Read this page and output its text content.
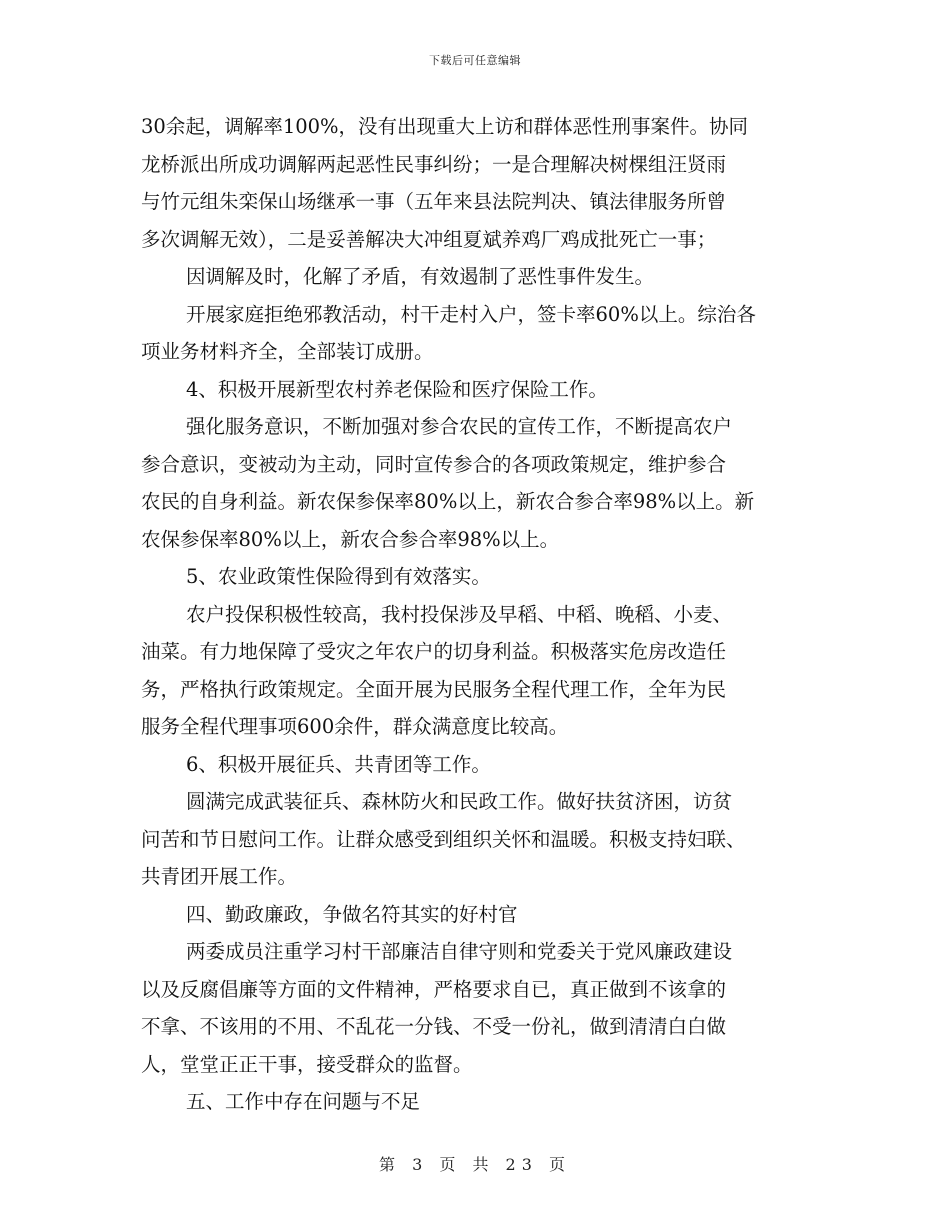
下载后可任意编辑
30余起，调解率100%，没有出现重大上访和群体恶性刑事案件。协同
龙桥派出所成功调解两起恶性民事纠纷；一是合理解决树棵组汪贤雨
与竹元组朱栾保山场继承一事（五年来县法院判决、镇法律服务所曾
多次调解无效），二是妥善解决大冲组夏斌养鸡厂鸡成批死亡一事；
因调解及时，化解了矛盾，有效遏制了恶性事件发生。
开展家庭拒绝邪教活动，村干走村入户，签卡率60%以上。综治各
项业务材料齐全，全部装订成册。
4、积极开展新型农村养老保险和医疗保险工作。
强化服务意识，不断加强对参合农民的宣传工作，不断提高农户
参合意识，变被动为主动，同时宣传参合的各项政策规定，维护参合
农民的自身利益。新农保参保率80%以上，新农合参合率98%以上。新
农保参保率80%以上，新农合参合率98%以上。
5、农业政策性保险得到有效落实。
农户投保积极性较高，我村投保涉及早稻、中稻、晚稻、小麦、
油菜。有力地保障了受灾之年农户的切身利益。积极落实危房改造任
务，严格执行政策规定。全面开展为民服务全程代理工作，全年为民
服务全程代理事项600余件，群众满意度比较高。
6、积极开展征兵、共青团等工作。
圆满完成武装征兵、森林防火和民政工作。做好扶贫济困，访贫
问苦和节日慰问工作。让群众感受到组织关怀和温暖。积极支持妇联、
共青团开展工作。
四、勤政廉政，争做名符其实的好村官
两委成员注重学习村干部廉洁自律守则和党委关于党风廉政建设
以及反腐倡廉等方面的文件精神，严格要求自已，真正做到不该拿的
不拿、不该用的不用、不乱花一分钱、不受一份礼，做到清清白白做
人，堂堂正正干事，接受群众的监督。
五、工作中存在问题与不足
第 3 页 共 23 页
